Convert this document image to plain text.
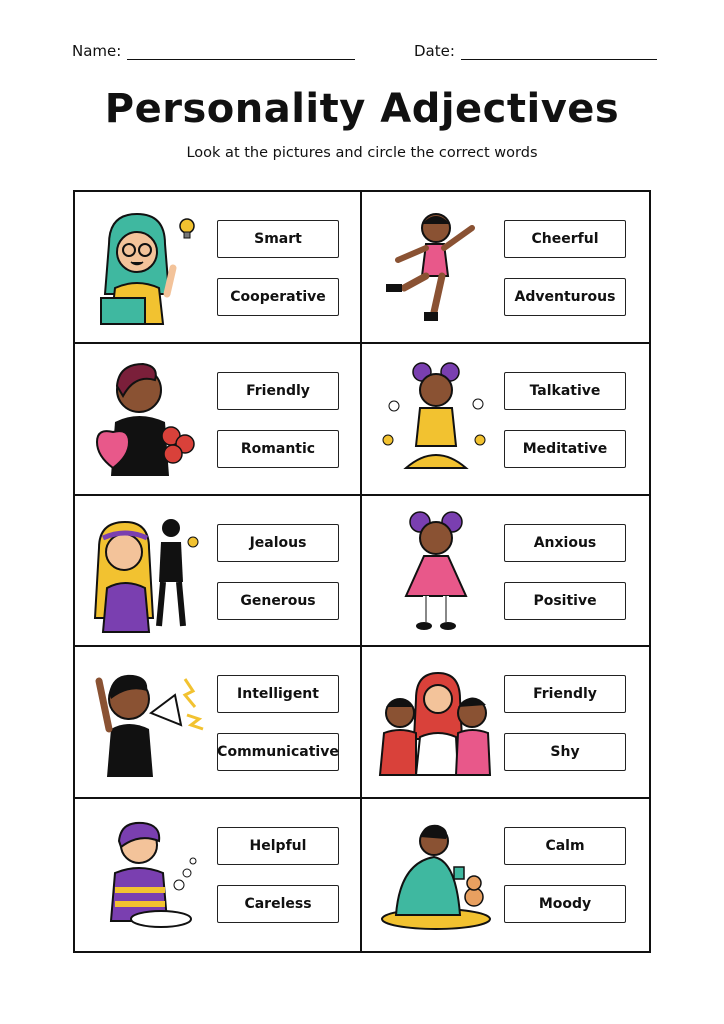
Name:	Date:
Personality Adjectives
Look at the pictures and circle the correct words
Smart
Cooperative
Cheerful
Adventurous
Friendly
Romantic
Talkative
Meditative
Jealous
Generous
Anxious
Positive
Intelligent
Communicative
Friendly
Shy
Helpful
Careless
Calm
Moody
